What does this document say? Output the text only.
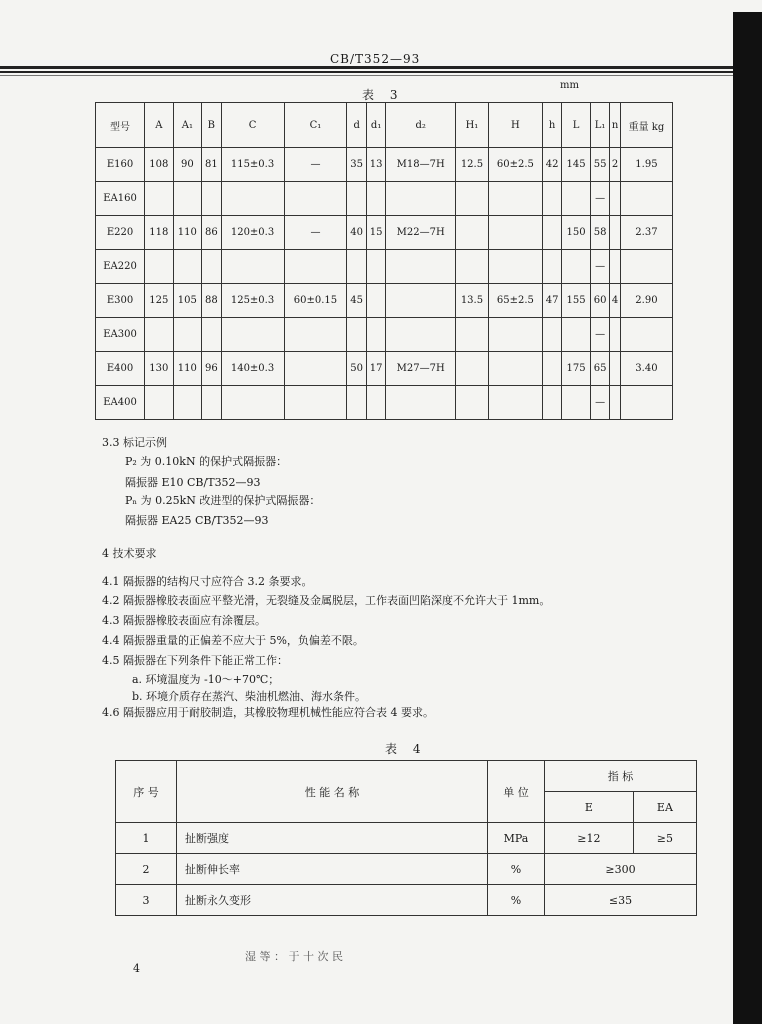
CB/T352—93
mm
表 3
型号	A	A₁	B	C	C₁	d	d₁	d₂	H₁	H	h	L	L₁	n	重量 kg
E160	108	90	81	115±0.3	—	35	13	M18—7H	12.5	60±2.5	42	145	55	2	1.95
EA160													—		
E220	118	110	86	120±0.3	—	40	15	M22—7H				150	58		2.37
EA220													—		
E300	125	105	88	125±0.3	60±0.15	45			13.5	65±2.5	47	155	60	4	2.90
EA300													—		
E400	130	110	96	140±0.3		50	17	M27—7H				175	65		3.40
EA400													—		
3.3 标记示例
P₂ 为 0.10kN 的保护式隔振器：
隔振器 E10 CB/T352—93
Pₙ 为 0.25kN 改进型的保护式隔振器：
隔振器 EA25 CB/T352—93
4 技术要求
4.1 隔振器的结构尺寸应符合 3.2 条要求。
4.2 隔振器橡胶表面应平整光滑，无裂缝及金属脱层，工作表面凹陷深度不允许大于 1mm。
4.3 隔振器橡胶表面应有涂覆层。
4.4 隔振器重量的正偏差不应大于 5%，负偏差不限。
4.5 隔振器在下列条件下能正常工作：
a. 环境温度为 -10～+70℃；
b. 环境介质存在蒸汽、柴油机燃油、海水条件。
4.6 隔振器应用于耐胶制造，其橡胶物理机械性能应符合表 4 要求。
表 4
序 号	性 能 名 称	单 位	指 标	
			E	EA
1	扯断强度	MPa	≥12	≥5
2	扯断伸长率	%	≥300	
3	扯断永久变形	%	≤35	
4
湿 等 ： 于 十 次 民
